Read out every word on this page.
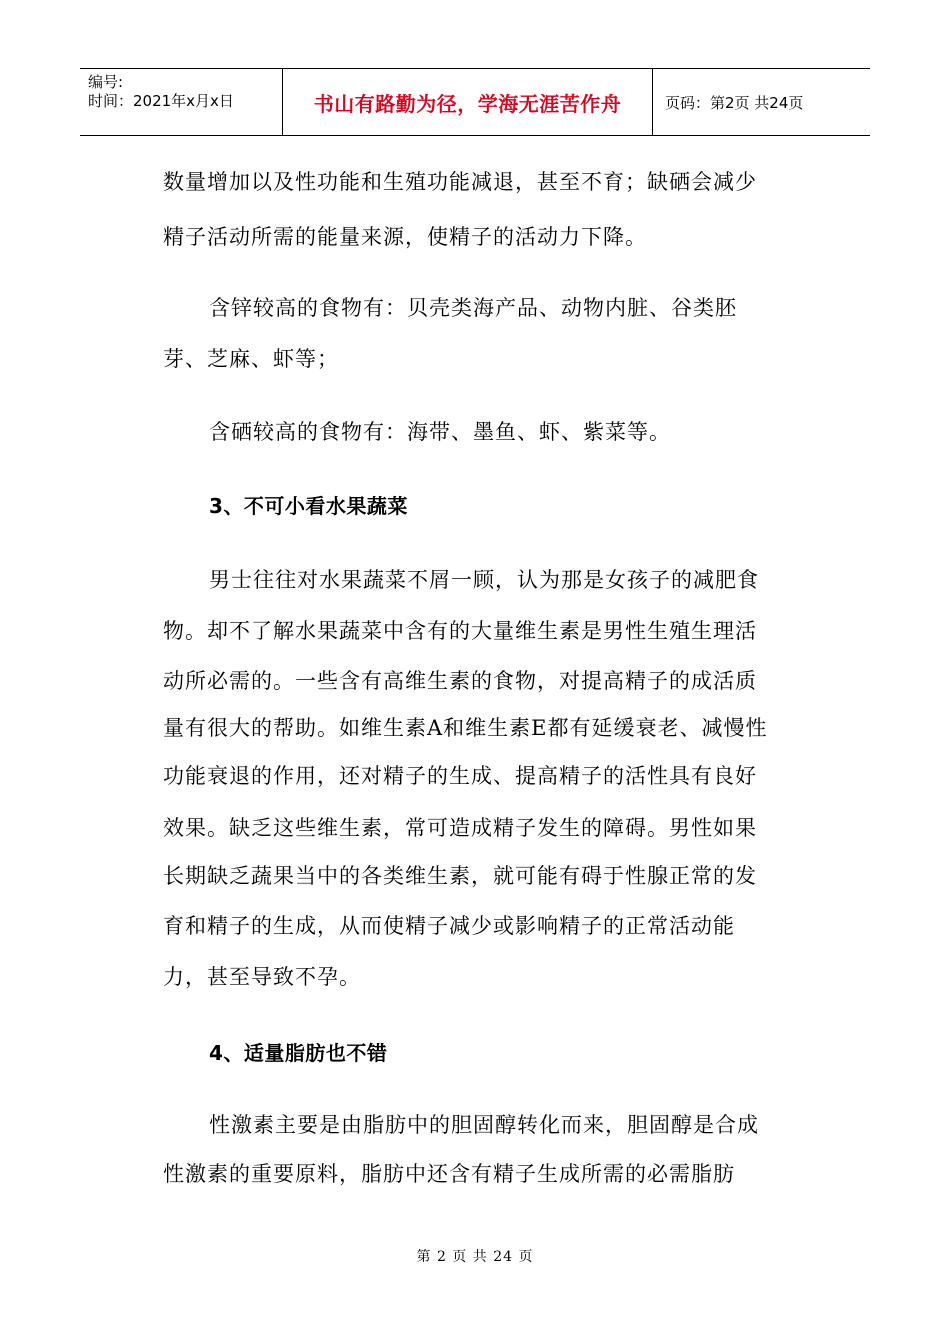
编号:
时间：2021年x月x日	书山有路勤为径，学海无涯苦作舟	页码：第2页 共24页
数量增加以及性功能和生殖功能减退，甚至不育；缺硒会减少
精子活动所需的能量来源，使精子的活动力下降。
含锌较高的食物有：贝壳类海产品、动物内脏、谷类胚
芽、芝麻、虾等；
含硒较高的食物有：海带、墨鱼、虾、紫菜等。
3、不可小看水果蔬菜
男士往往对水果蔬菜不屑一顾，认为那是女孩子的减肥食
物。却不了解水果蔬菜中含有的大量维生素是男性生殖生理活
动所必需的。一些含有高维生素的食物，对提高精子的成活质
量有很大的帮助。如维生素A和维生素E都有延缓衰老、减慢性
功能衰退的作用，还对精子的生成、提高精子的活性具有良好
效果。缺乏这些维生素，常可造成精子发生的障碍。男性如果
长期缺乏蔬果当中的各类维生素，就可能有碍于性腺正常的发
育和精子的生成，从而使精子减少或影响精子的正常活动能
力，甚至导致不孕。
4、适量脂肪也不错
性激素主要是由脂肪中的胆固醇转化而来，胆固醇是合成
性激素的重要原料，脂肪中还含有精子生成所需的必需脂肪
第 2 页 共 24 页
